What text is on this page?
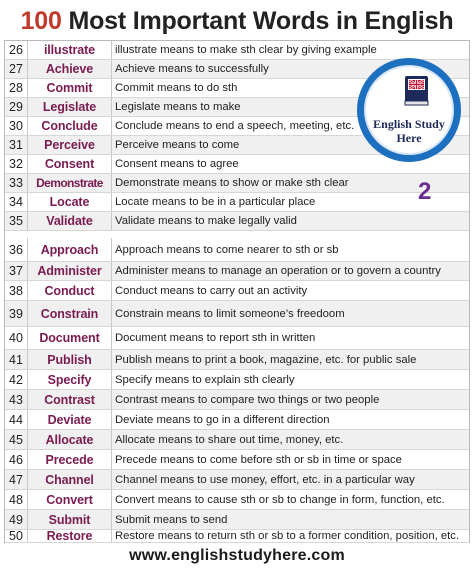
100 Most Important Words in English
26	illustrate	illustrate means to make sth clear by giving example
27	Achieve	Achieve means to successfully
28	Commit	Commit means to do sth
29	Legislate	Legislate means to make
30	Conclude	Conclude means to end a speech, meeting, etc.
31	Perceive	Perceive means to come
32	Consent	Consent means to agree
33	Demonstrate	Demonstrate means to show or make sth clear
34	Locate	Locate means to be in a particular place
35	Validate	Validate means to make legally valid
36	Approach	Approach means to come nearer to sth or sb
37	Administer	Administer means to manage an operation or to govern a country
38	Conduct	Conduct means to carry out an activity
39	Constrain	Constrain means to limit someone’s freedoom
40	Document	Document means to report sth in written
41	Publish	Publish means to print a book, magazine, etc. for public sale
42	Specify	Specify means to explain sth clearly
43	Contrast	Contrast means to compare two things or two people
44	Deviate	Deviate means to go in a different direction
45	Allocate	Allocate means to share out time, money, etc.
46	Precede	Precede means to come before sth or sb in time or space
47	Channel	Channel means to use money, effort, etc. in a particular way
48	Convert	Convert means to cause sth or sb to change in form, function, etc.
49	Submit	Submit means to send
50	Restore	Restore means to return sth or sb to a former condition, position, etc.
English Study
Here
2
www.englishstudyhere.com
